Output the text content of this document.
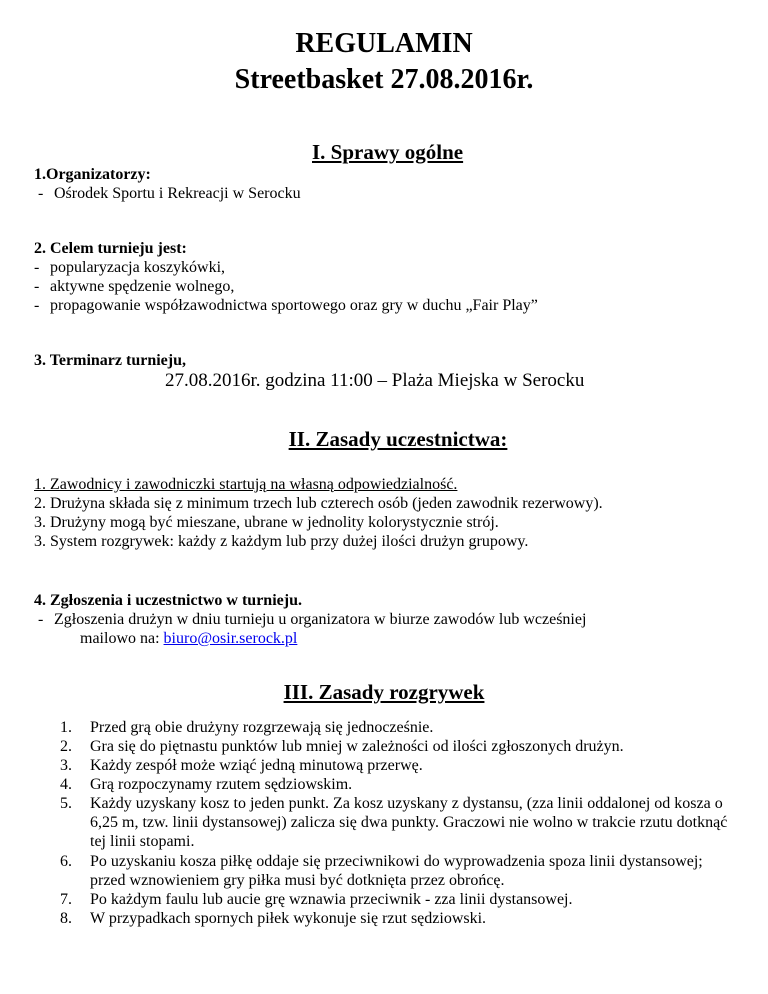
REGULAMIN
Streetbasket 27.08.2016r.
I. Sprawy ogólne
1.Organizatorzy:
- Ośrodek Sportu i Rekreacji w Serocku
2. Celem turnieju jest:
- popularyzacja koszykówki,
- aktywne spędzenie wolnego,
- propagowanie współzawodnictwa sportowego oraz gry w duchu „Fair Play”
3. Terminarz turnieju,
27.08.2016r. godzina 11:00 – Plaża Miejska w Serocku
II. Zasady uczestnictwa:
1. Zawodnicy i zawodniczki startują na własną odpowiedzialność.
2. Drużyna składa się z minimum trzech lub czterech osób (jeden zawodnik rezerwowy).
3. Drużyny mogą być mieszane, ubrane w jednolity kolorystycznie strój.
3. System rozgrywek: każdy z każdym lub przy dużej ilości drużyn grupowy.
4. Zgłoszenia i uczestnictwo w turnieju.
- Zgłoszenia drużyn w dniu turnieju u organizatora w biurze zawodów lub wcześniej
mailowo na: biuro@osir.serock.pl
III. Zasady rozgrywek
1. Przed grą obie drużyny rozgrzewają się jednocześnie.
2. Gra się do piętnastu punktów lub mniej w zależności od ilości zgłoszonych drużyn.
3. Każdy zespół może wziąć jedną minutową przerwę.
4. Grą rozpoczynamy rzutem sędziowskim.
5. Każdy uzyskany kosz to jeden punkt. Za kosz uzyskany z dystansu, (zza linii oddalonej od kosza o 6,25 m, tzw. linii dystansowej) zalicza się dwa punkty. Graczowi nie wolno w trakcie rzutu dotknąć tej linii stopami.
6. Po uzyskaniu kosza piłkę oddaje się przeciwnikowi do wyprowadzenia spoza linii dystansowej; przed wznowieniem gry piłka musi być dotknięta przez obrońcę.
7. Po każdym faulu lub aucie grę wznawia przeciwnik - zza linii dystansowej.
8. W przypadkach spornych piłek wykonuje się rzut sędziowski.
